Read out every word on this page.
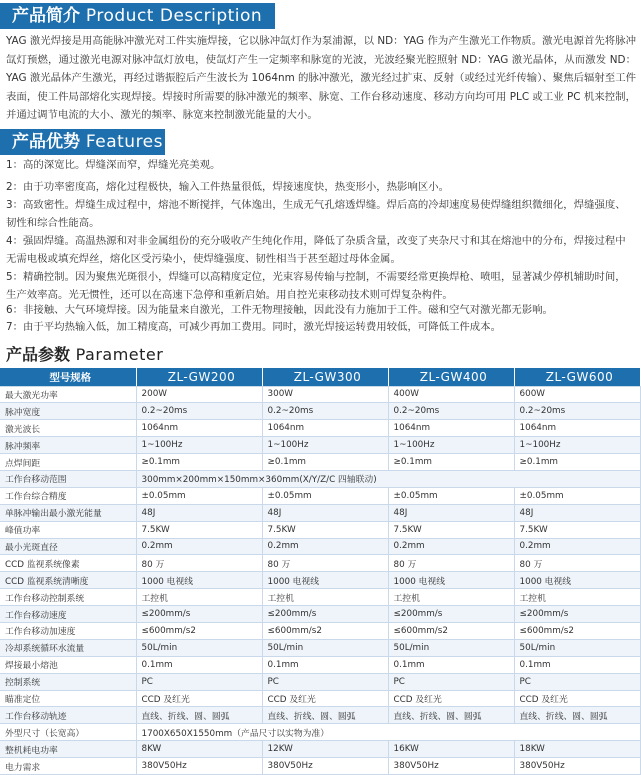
产品简介 Product Description
YAG 激光焊接是用高能脉冲激光对工件实施焊接，它以脉冲氙灯作为泵浦源，以 ND：YAG 作为产生激光工作物质。激光电源首先将脉冲氙灯预燃，通过激光电源对脉冲氙灯放电，使氙灯产生一定频率和脉宽的光波，光波经聚光腔照射 ND：YAG 激光晶体，从而激发 ND：YAG 激光晶体产生激光，再经过谐振腔后产生波长为 1064nm 的脉冲激光，激光经过扩束、反射（或经过光纤传输）、聚焦后辐射至工件表面，使工件局部熔化实现焊接。焊接时所需要的脉冲激光的频率、脉宽、工作台移动速度、移动方向均可用 PLC 或工业 PC 机来控制，并通过调节电流的大小、激光的频率、脉宽来控制激光能量的大小。
产品优势 Features
1：高的深宽比。焊缝深而窄，焊缝光亮美观。
2：由于功率密度高，熔化过程极快，输入工件热量很低，焊接速度快，热变形小，热影响区小。
3：高致密性。焊缝生成过程中，熔池不断搅拌，气体逸出，生成无气孔熔透焊缝。焊后高的冷却速度易使焊缝组织微细化，焊缝强度、韧性和综合性能高。
4：强固焊缝。高温热源和对非金属组份的充分吸收产生纯化作用，降低了杂质含量，改变了夹杂尺寸和其在熔池中的分布，焊接过程中无需电极或填充焊丝，熔化区受污染小，使焊缝强度、韧性相当于甚至超过母体金属。
5：精确控制。因为聚焦光斑很小，焊缝可以高精度定位，光束容易传输与控制，不需要经常更换焊枪、喷咀，显著减少停机辅助时间，生产效率高。光无惯性，还可以在高速下急停和重新启始。用自控光束移动技术则可焊复杂构件。
6：非接触、大气环境焊接。因为能量来自激光，工件无物理接触，因此没有力施加于工件。磁和空气对激光都无影响。
7：由于平均热输入低，加工精度高，可减少再加工费用。同时，激光焊接运转费用较低，可降低工件成本。
产品参数 Parameter
型号规格	ZL-GW200	ZL-GW300	ZL-GW400	ZL-GW600
最大激光功率	200W	300W	400W	600W
脉冲宽度	0.2~20ms	0.2~20ms	0.2~20ms	0.2~20ms
激光波长	1064nm	1064nm	1064nm	1064nm
脉冲频率	1~100Hz	1~100Hz	1~100Hz	1~100Hz
点焊间距	≥0.1mm	≥0.1mm	≥0.1mm	≥0.1mm
工作台移动范围	300mm×200mm×150mm×360mm(X/Y/Z/C 四轴联动)			
工作台综合精度	±0.05mm	±0.05mm	±0.05mm	±0.05mm
单脉冲输出最小激光能量	48J	48J	48J	48J
峰值功率	7.5KW	7.5KW	7.5KW	7.5KW
最小光斑直径	0.2mm	0.2mm	0.2mm	0.2mm
CCD 监视系统像素	80 万	80 万	80 万	80 万
CCD 监视系统清晰度	1000 电视线	1000 电视线	1000 电视线	1000 电视线
工作台移动控制系统	工控机	工控机	工控机	工控机
工作台移动速度	≤200mm/s	≤200mm/s	≤200mm/s	≤200mm/s
工作台移动加速度	≤600mm/s2	≤600mm/s2	≤600mm/s2	≤600mm/s2
冷却系统循环水流量	50L/min	50L/min	50L/min	50L/min
焊接最小熔池	0.1mm	0.1mm	0.1mm	0.1mm
控制系统	PC	PC	PC	PC
瞄准定位	CCD 及红光	CCD 及红光	CCD 及红光	CCD 及红光
工作台移动轨迹	直线、折线、圆、圆弧	直线、折线、圆、圆弧	直线、折线、圆、圆弧	直线、折线、圆、圆弧
外型尺寸（长宽高）	1700X650X1550mm（产品尺寸以实物为准）			
整机耗电功率	8KW	12KW	16KW	18KW
电力需求	380V50Hz	380V50Hz	380V50Hz	380V50Hz
